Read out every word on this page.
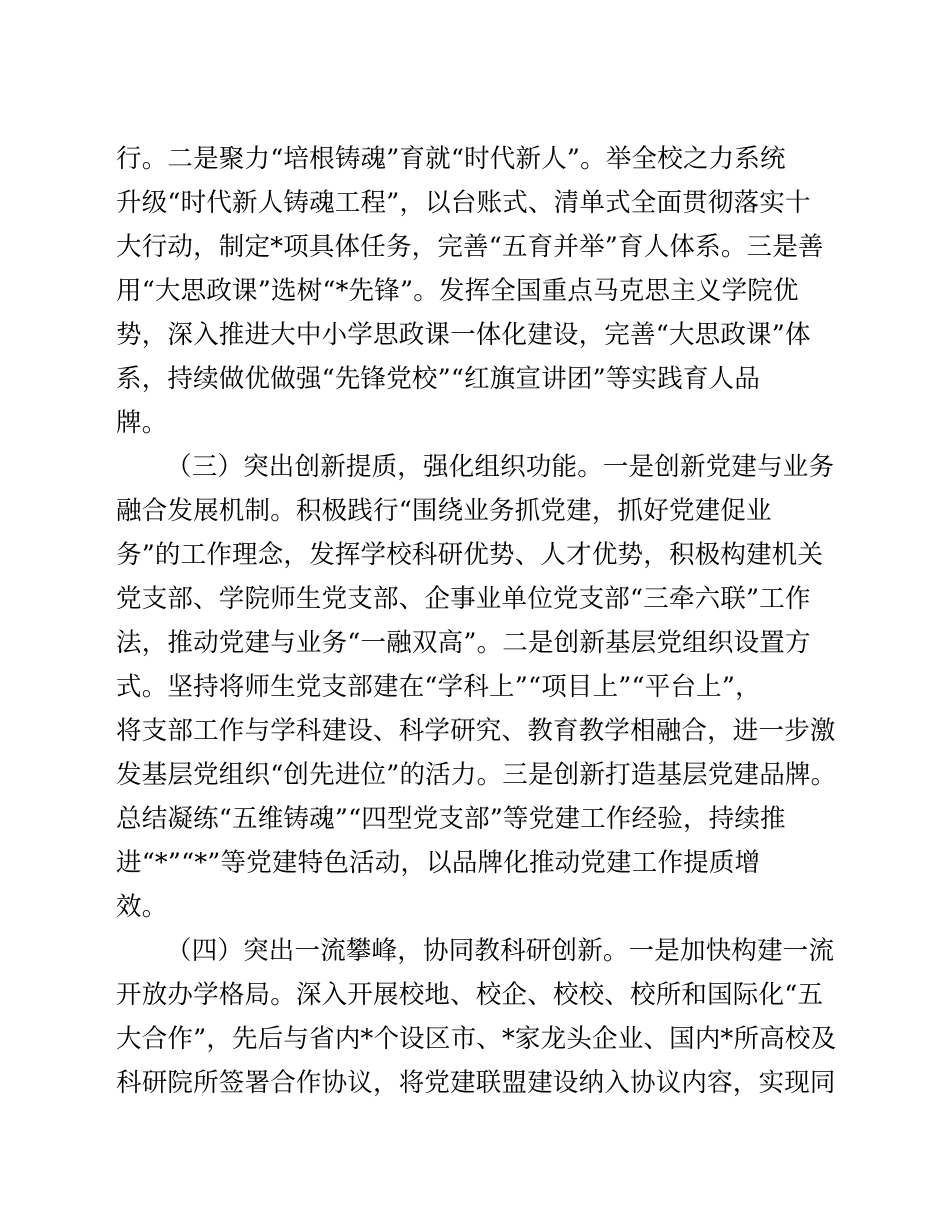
行。二是聚力“培根铸魂”育就“时代新人”。举全校之力系统
升级“时代新人铸魂工程”，以台账式、清单式全面贯彻落实十
大行动，制定*项具体任务，完善“五育并举”育人体系。三是善
用“大思政课”选树“*先锋”。发挥全国重点马克思主义学院优
势，深入推进大中小学思政课一体化建设，完善“大思政课”体
系，持续做优做强“先锋党校”“红旗宣讲团”等实践育人品
牌。
（三）突出创新提质，强化组织功能。一是创新党建与业务
融合发展机制。积极践行“围绕业务抓党建，抓好党建促业
务”的工作理念，发挥学校科研优势、人才优势，积极构建机关
党支部、学院师生党支部、企事业单位党支部“三牵六联”工作
法，推动党建与业务“一融双高”。二是创新基层党组织设置方
式。坚持将师生党支部建在“学科上”“项目上”“平台上”，
将支部工作与学科建设、科学研究、教育教学相融合，进一步激
发基层党组织“创先进位”的活力。三是创新打造基层党建品牌。
总结凝练“五维铸魂”“四型党支部”等党建工作经验，持续推
进“*”“*”等党建特色活动，以品牌化推动党建工作提质增
效。
（四）突出一流攀峰，协同教科研创新。一是加快构建一流
开放办学格局。深入开展校地、校企、校校、校所和国际化“五
大合作”，先后与省内*个设区市、*家龙头企业、国内*所高校及
科研院所签署合作协议，将党建联盟建设纳入协议内容，实现同
